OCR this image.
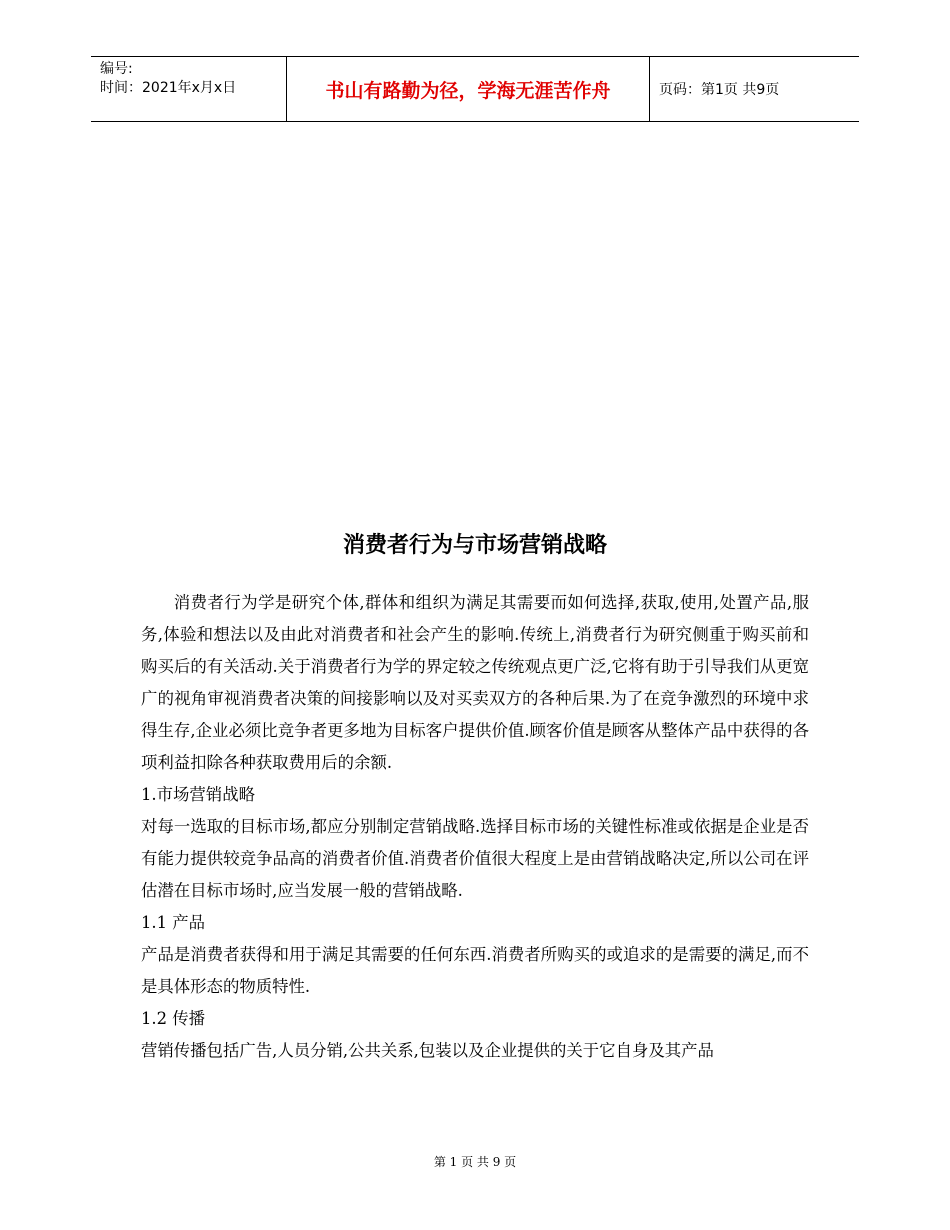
编号:
时间：2021年x月x日	书山有路勤为径，学海无涯苦作舟	页码：第1页 共9页
消费者行为与市场营销战略

消费者行为学是研究个体,群体和组织为满足其需要而如何选择,获取,使用,处置产品,服务,体验和想法以及由此对消费者和社会产生的影响.传统上,消费者行为研究侧重于购买前和购买后的有关活动.关于消费者行为学的界定较之传统观点更广泛,它将有助于引导我们从更宽广的视角审视消费者决策的间接影响以及对买卖双方的各种后果.为了在竞争激烈的环境中求得生存,企业必须比竞争者更多地为目标客户提供价值.顾客价值是顾客从整体产品中获得的各项利益扣除各种获取费用后的余额.

1.市场营销战略

对每一选取的目标市场,都应分别制定营销战略.选择目标市场的关键性标准或依据是企业是否有能力提供较竞争品高的消费者价值.消费者价值很大程度上是由营销战略决定,所以公司在评估潜在目标市场时,应当发展一般的营销战略.

1.1 产品

产品是消费者获得和用于满足其需要的任何东西.消费者所购买的或追求的是需要的满足,而不是具体形态的物质特性.

1.2 传播

营销传播包括广告,人员分销,公共关系,包装以及企业提供的关于它自身及其产品

第 1 页 共 9 页
